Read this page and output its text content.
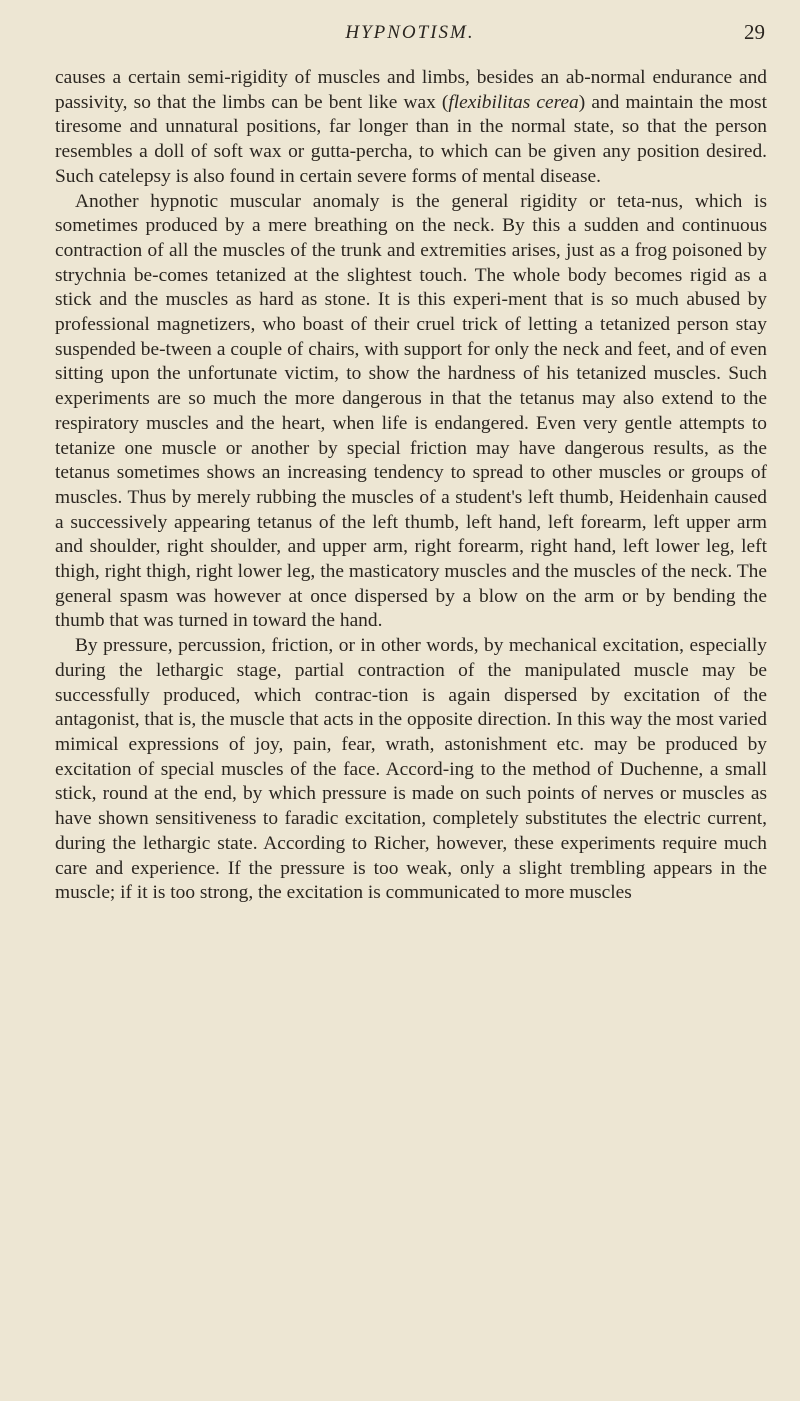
HYPNOTISM.	29

causes a certain semi-rigidity of muscles and limbs, besides an ab-normal endurance and passivity, so that the limbs can be bent like wax (flexibilitas cerea) and maintain the most tiresome and unnatural positions, far longer than in the normal state, so that the person resembles a doll of soft wax or gutta-percha, to which can be given any position desired. Such catelepsy is also found in certain severe forms of mental disease.

Another hypnotic muscular anomaly is the general rigidity or teta-nus, which is sometimes produced by a mere breathing on the neck. By this a sudden and continuous contraction of all the muscles of the trunk and extremities arises, just as a frog poisoned by strychnia be-comes tetanized at the slightest touch. The whole body becomes rigid as a stick and the muscles as hard as stone. It is this experi-ment that is so much abused by professional magnetizers, who boast of their cruel trick of letting a tetanized person stay suspended be-tween a couple of chairs, with support for only the neck and feet, and of even sitting upon the unfortunate victim, to show the hardness of his tetanized muscles. Such experiments are so much the more dangerous in that the tetanus may also extend to the respiratory muscles and the heart, when life is endangered. Even very gentle attempts to tetanize one muscle or another by special friction may have dangerous results, as the tetanus sometimes shows an increasing tendency to spread to other muscles or groups of muscles. Thus by merely rubbing the muscles of a student's left thumb, Heidenhain caused a successively appearing tetanus of the left thumb, left hand, left forearm, left upper arm and shoulder, right shoulder, and upper arm, right forearm, right hand, left lower leg, left thigh, right thigh, right lower leg, the masticatory muscles and the muscles of the neck. The general spasm was however at once dispersed by a blow on the arm or by bending the thumb that was turned in toward the hand.

By pressure, percussion, friction, or in other words, by mechanical excitation, especially during the lethargic stage, partial contraction of the manipulated muscle may be successfully produced, which contrac-tion is again dispersed by excitation of the antagonist, that is, the muscle that acts in the opposite direction. In this way the most varied mimical expressions of joy, pain, fear, wrath, astonishment etc. may be produced by excitation of special muscles of the face. Accord-ing to the method of Duchenne, a small stick, round at the end, by which pressure is made on such points of nerves or muscles as have shown sensitiveness to faradic excitation, completely substitutes the electric current, during the lethargic state. According to Richer, however, these experiments require much care and experience. If the pressure is too weak, only a slight trembling appears in the muscle; if it is too strong, the excitation is communicated to more muscles
